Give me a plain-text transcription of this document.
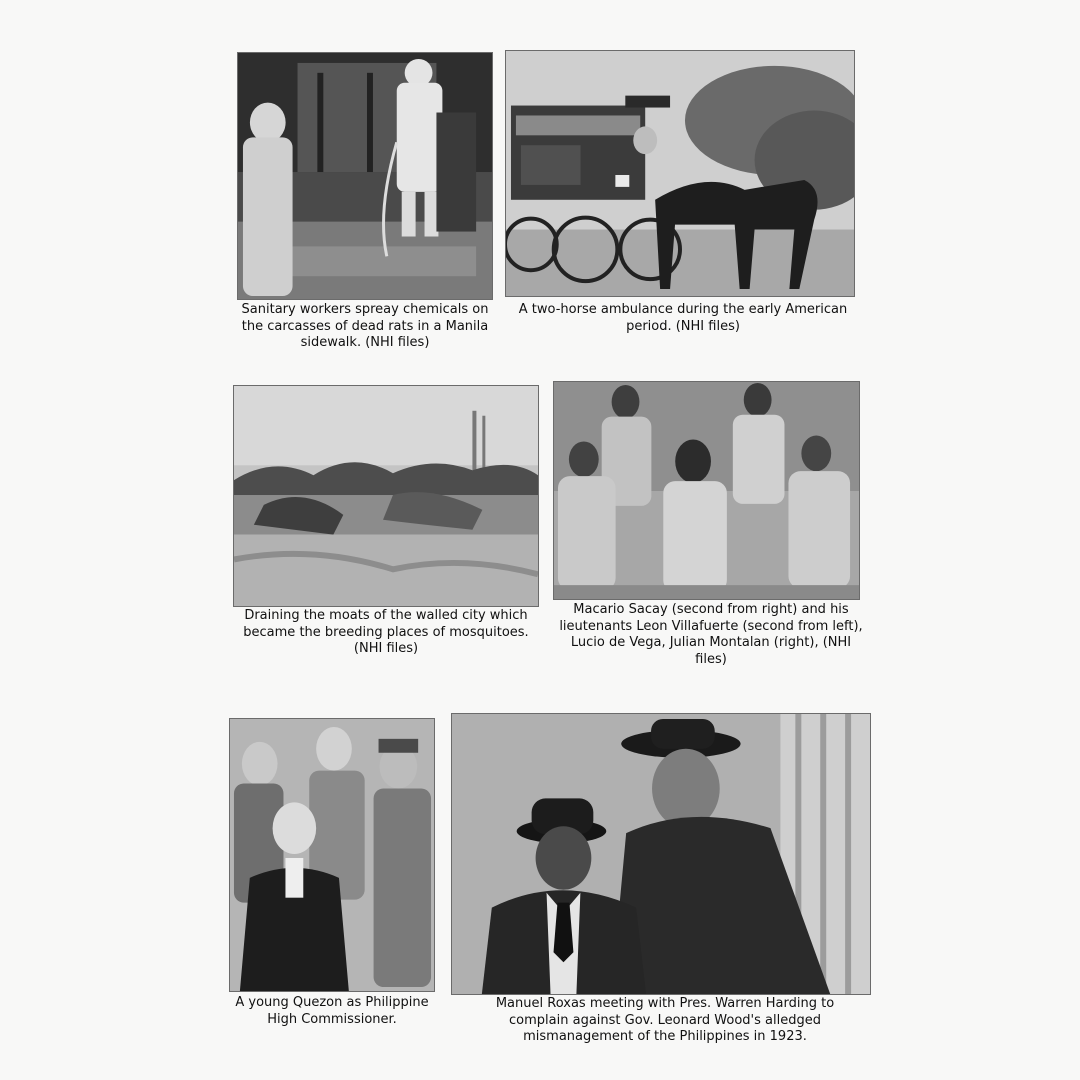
Sanitary workers spreay chemicals on the carcasses of dead rats in a Manila sidewalk. (NHI files)
A two-horse ambulance during the early American period. (NHI files)
Draining the moats of the walled city which became the breeding places of mosquitoes. (NHI files)
Macario Sacay (second from right) and his lieutenants Leon Villafuerte (second from left), Lucio de Vega, Julian Montalan (right), (NHI files)
A young Quezon as Philippine High Commissioner.
Manuel Roxas meeting with Pres. Warren Harding to complain against Gov. Leonard Wood's alledged mismanagement of the Philippines in 1923.
